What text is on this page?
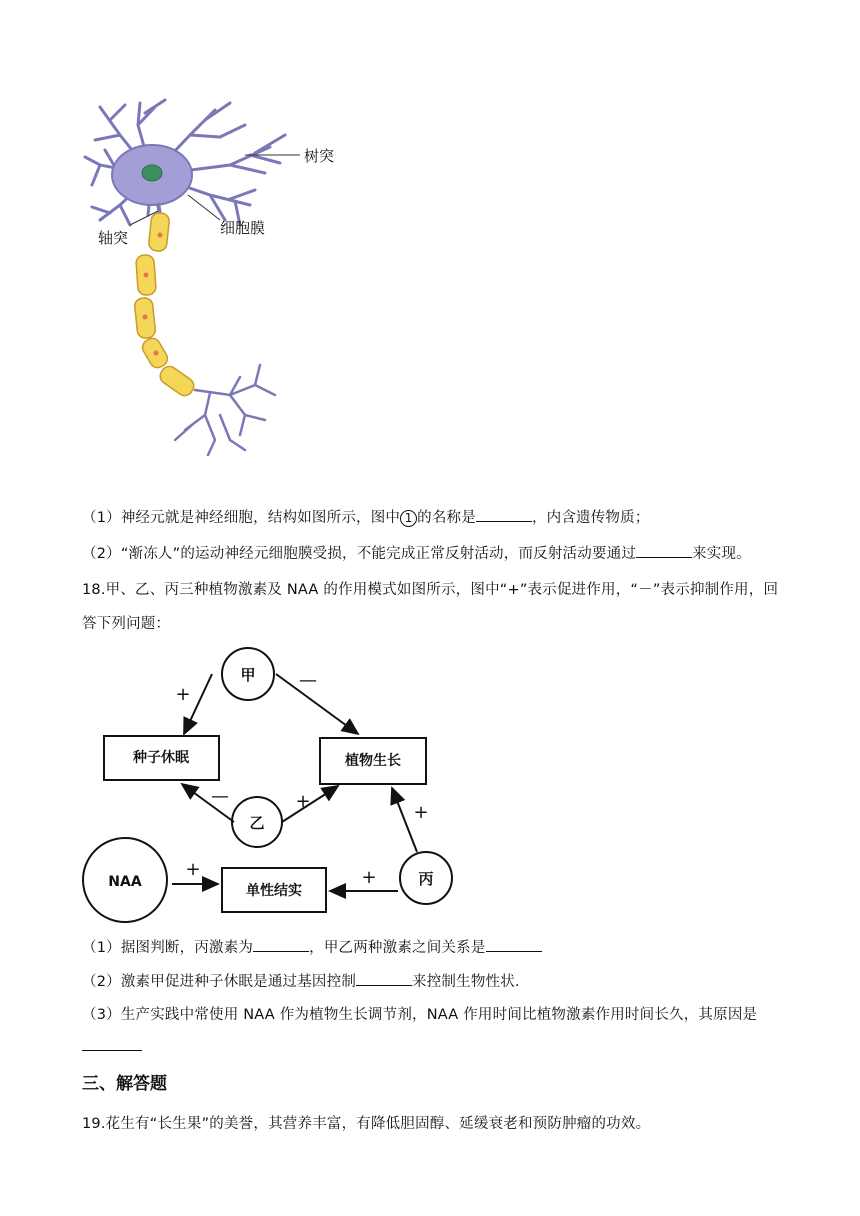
树突
细胞膜
轴突
（1）神经元就是神经细胞，结构如图所示，图中 1 的名称是	，内含遗传物质；
（2）“渐冻人”的运动神经元细胞膜受损，不能完成正常反射活动，而反射活动要通过	来实现。
18.甲、乙、丙三种植物激素及 NAA 的作用模式如图所示，图中“+”表示促进作用，“－”表示抑制作用，回
答下列问题：
甲
乙
丙
NAA
种子休眠	植物生长
单性结实
+
—
—	+
+
+	+
（1）据图判断，丙激素为	，甲乙两种激素之间关系是
（2）激素甲促进种子休眠是通过基因控制	来控制生物性状.
（3）生产实践中常使用 NAA 作为植物生长调节剂，NAA 作用时间比植物激素作用时间长久，其原因是
三、解答题
19.花生有“长生果”的美誉，其营养丰富，有降低胆固醇、延缓衰老和预防肿瘤的功效。
